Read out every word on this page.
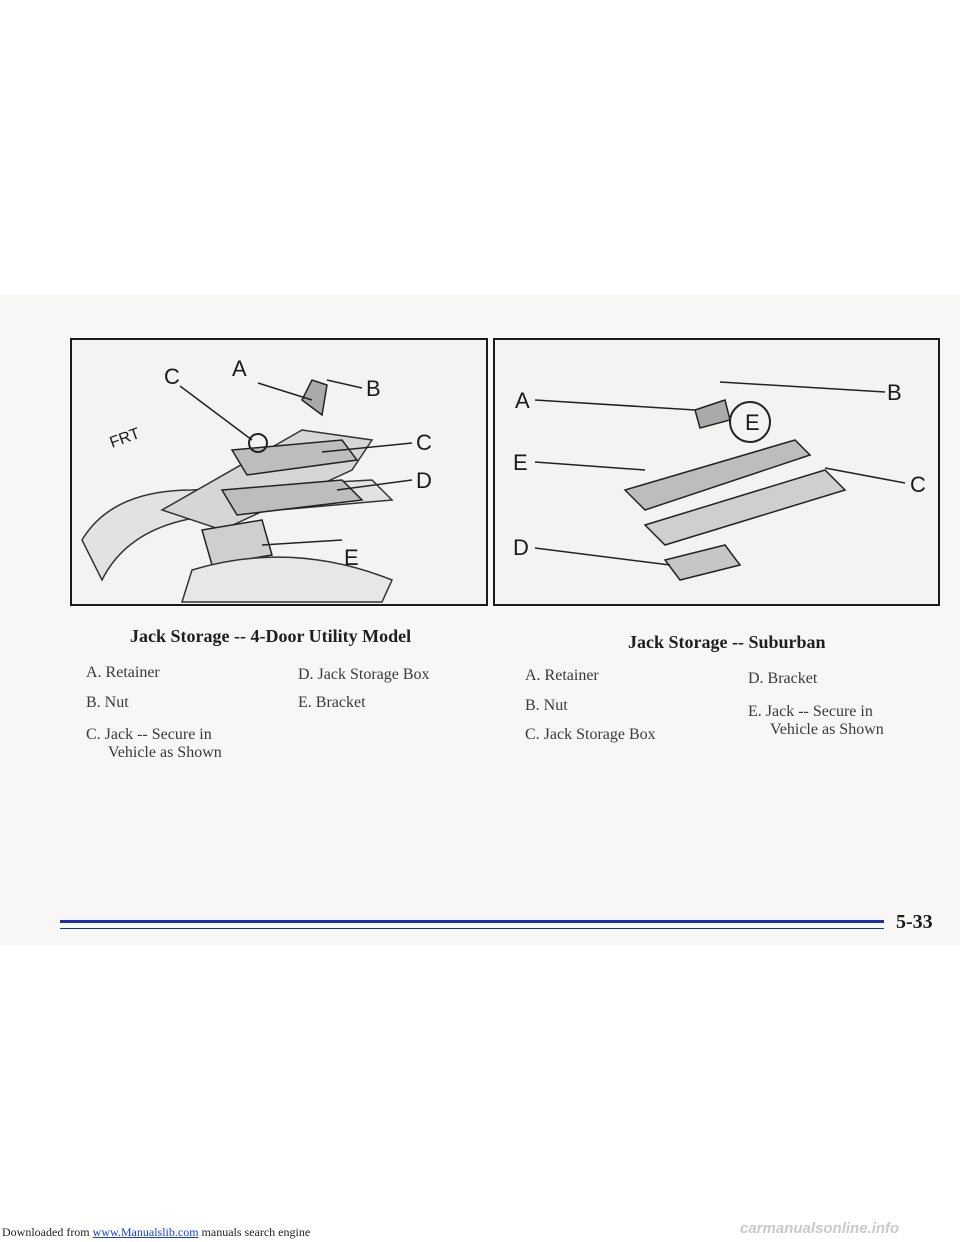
C A
B
C
D
E
FRT
A	B
C
D
E
E
Jack Storage -- 4-Door Utility Model	Jack Storage -- Suburban
A. Retainer
B. Nut
C. Jack -- Secure in
Vehicle as Shown
D. Jack Storage Box
E. Bracket
A. Retainer
B. Nut
C. Jack Storage Box
D. Bracket
E. Jack -- Secure in
Vehicle as Shown
5-33
Downloaded from www.Manualslib.com manuals search engine	carmanualsonline.info
